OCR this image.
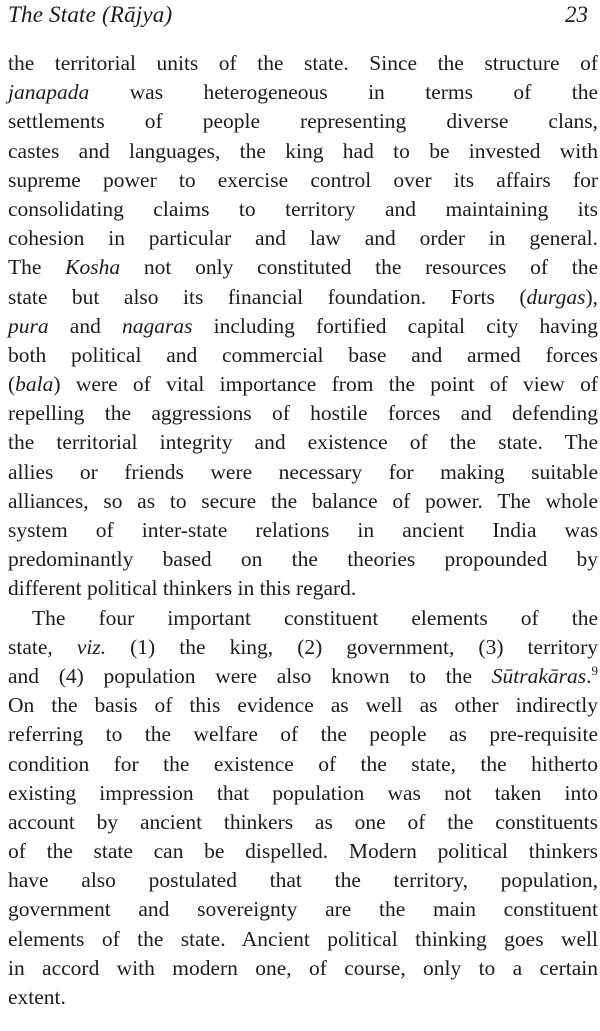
The State (Rājya)	23
the territorial units of the state. Since the structure of
janapada was heterogeneous in terms of the
settlements of people representing diverse clans,
castes and languages, the king had to be invested with
supreme power to exercise control over its affairs for
consolidating claims to territory and maintaining its
cohesion in particular and law and order in general.
The Kosha not only constituted the resources of the
state but also its financial foundation. Forts (durgas),
pura and nagaras including fortified capital city having
both political and commercial base and armed forces
(bala) were of vital importance from the point of view of
repelling the aggressions of hostile forces and defending
the territorial integrity and existence of the state. The
allies or friends were necessary for making suitable
alliances, so as to secure the balance of power. The whole
system of inter-state relations in ancient India was
predominantly based on the theories propounded by
different political thinkers in this regard.
The four important constituent elements of the
state, viz. (1) the king, (2) government, (3) territory
and (4) population were also known to the Sūtrakāras.$^9$
On the basis of this evidence as well as other indirectly
referring to the welfare of the people as pre-requisite
condition for the existence of the state, the hitherto
existing impression that population was not taken into
account by ancient thinkers as one of the constituents
of the state can be dispelled. Modern political thinkers
have also postulated that the territory, population,
government and sovereignty are the main constituent
elements of the state. Ancient political thinking goes well
in accord with modern one, of course, only to a certain
extent.
